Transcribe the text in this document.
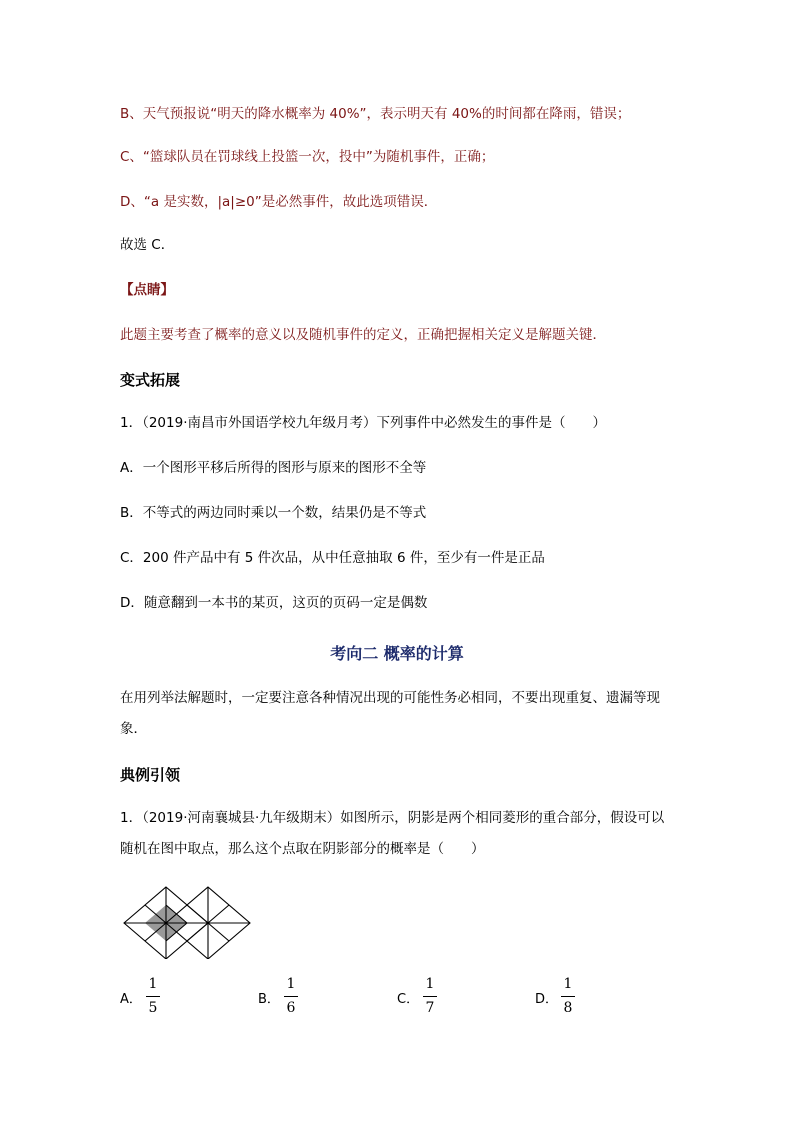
B、天气预报说“明天的降水概率为 40%”，表示明天有 40%的时间都在降雨，错误；
C、“篮球队员在罚球线上投篮一次，投中”为随机事件，正确；
D、“a 是实数，|a|≥0”是必然事件，故此选项错误．
故选 C．
【点睛】
此题主要考查了概率的意义以及随机事件的定义，正确把握相关定义是解题关键．
变式拓展
1．（2019·南昌市外国语学校九年级月考）下列事件中必然发生的事件是（　　）
A．一个图形平移后所得的图形与原来的图形不全等
B．不等式的两边同时乘以一个数，结果仍是不等式
C．200 件产品中有 5 件次品，从中任意抽取 6 件，至少有一件是正品
D．随意翻到一本书的某页，这页的页码一定是偶数
考向二 概率的计算
在用列举法解题时，一定要注意各种情况出现的可能性务必相同，不要出现重复、遗漏等现
象．
典例引领
1．（2019·河南襄城县·九年级期末）如图所示，阴影是两个相同菱形的重合部分，假设可以
随机在图中取点，那么这个点取在阴影部分的概率是（　　）
A．
1
5
B．
1
6
C．
1
7
D．
1
8
